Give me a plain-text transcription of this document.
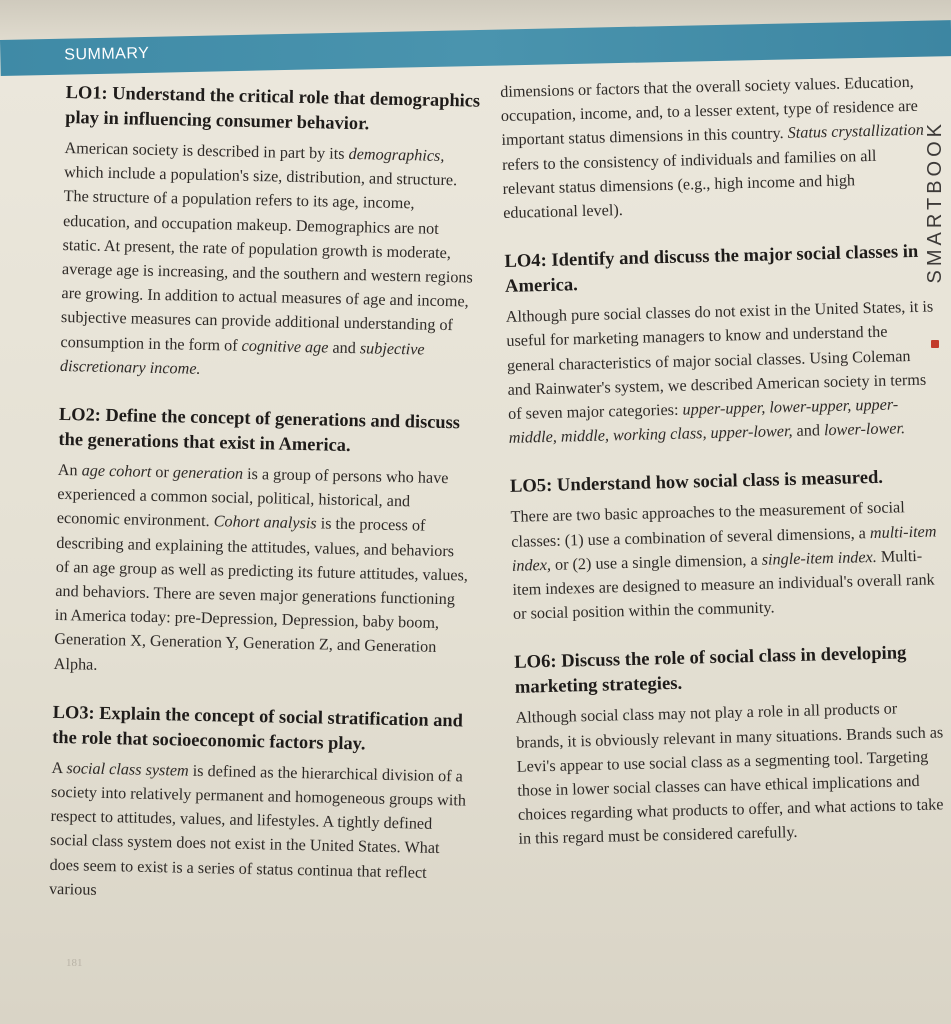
SUMMARY
LO1: Understand the critical role that demographics play in influencing consumer behavior.

American society is described in part by its demographics, which include a population's size, distribution, and structure. The structure of a population refers to its age, income, education, and occupation makeup. Demographics are not static. At present, the rate of population growth is moderate, average age is increasing, and the southern and western regions are growing. In addition to actual measures of age and income, subjective measures can provide additional understanding of consumption in the form of cognitive age and subjective discretionary income.

LO2: Define the concept of generations and discuss the generations that exist in America.

An age cohort or generation is a group of persons who have experienced a common social, political, historical, and economic environment. Cohort analysis is the process of describing and explaining the attitudes, values, and behaviors of an age group as well as predicting its future attitudes, values, and behaviors. There are seven major generations functioning in America today: pre-Depression, Depression, baby boom, Generation X, Generation Y, Generation Z, and Generation Alpha.

LO3: Explain the concept of social stratification and the role that socioeconomic factors play.

A social class system is defined as the hierarchical division of a society into relatively permanent and homogeneous groups with respect to attitudes, values, and lifestyles. A tightly defined social class system does not exist in the United States. What does seem to exist is a series of status continua that reflect various

dimensions or factors that the overall society values. Education, occupation, income, and, to a lesser extent, type of residence are important status dimensions in this country. Status crystallization refers to the consistency of individuals and families on all relevant status dimensions (e.g., high income and high educational level).

LO4: Identify and discuss the major social classes in America.

Although pure social classes do not exist in the United States, it is useful for marketing managers to know and understand the general characteristics of major social classes. Using Coleman and Rainwater's system, we described American society in terms of seven major categories: upper-upper, lower-upper, upper-middle, middle, working class, upper-lower, and lower-lower.

LO5: Understand how social class is measured.

There are two basic approaches to the measurement of social classes: (1) use a combination of several dimensions, a multi-item index, or (2) use a single dimension, a single-item index. Multi-item indexes are designed to measure an individual's overall rank or social position within the community.

LO6: Discuss the role of social class in developing marketing strategies.

Although social class may not play a role in all products or brands, it is obviously relevant in many situations. Brands such as Levi's appear to use social class as a segmenting tool. Targeting those in lower social classes can have ethical implications and choices regarding what products to offer, and what actions to take in this regard must be considered carefully.

SMARTBOOK
181
